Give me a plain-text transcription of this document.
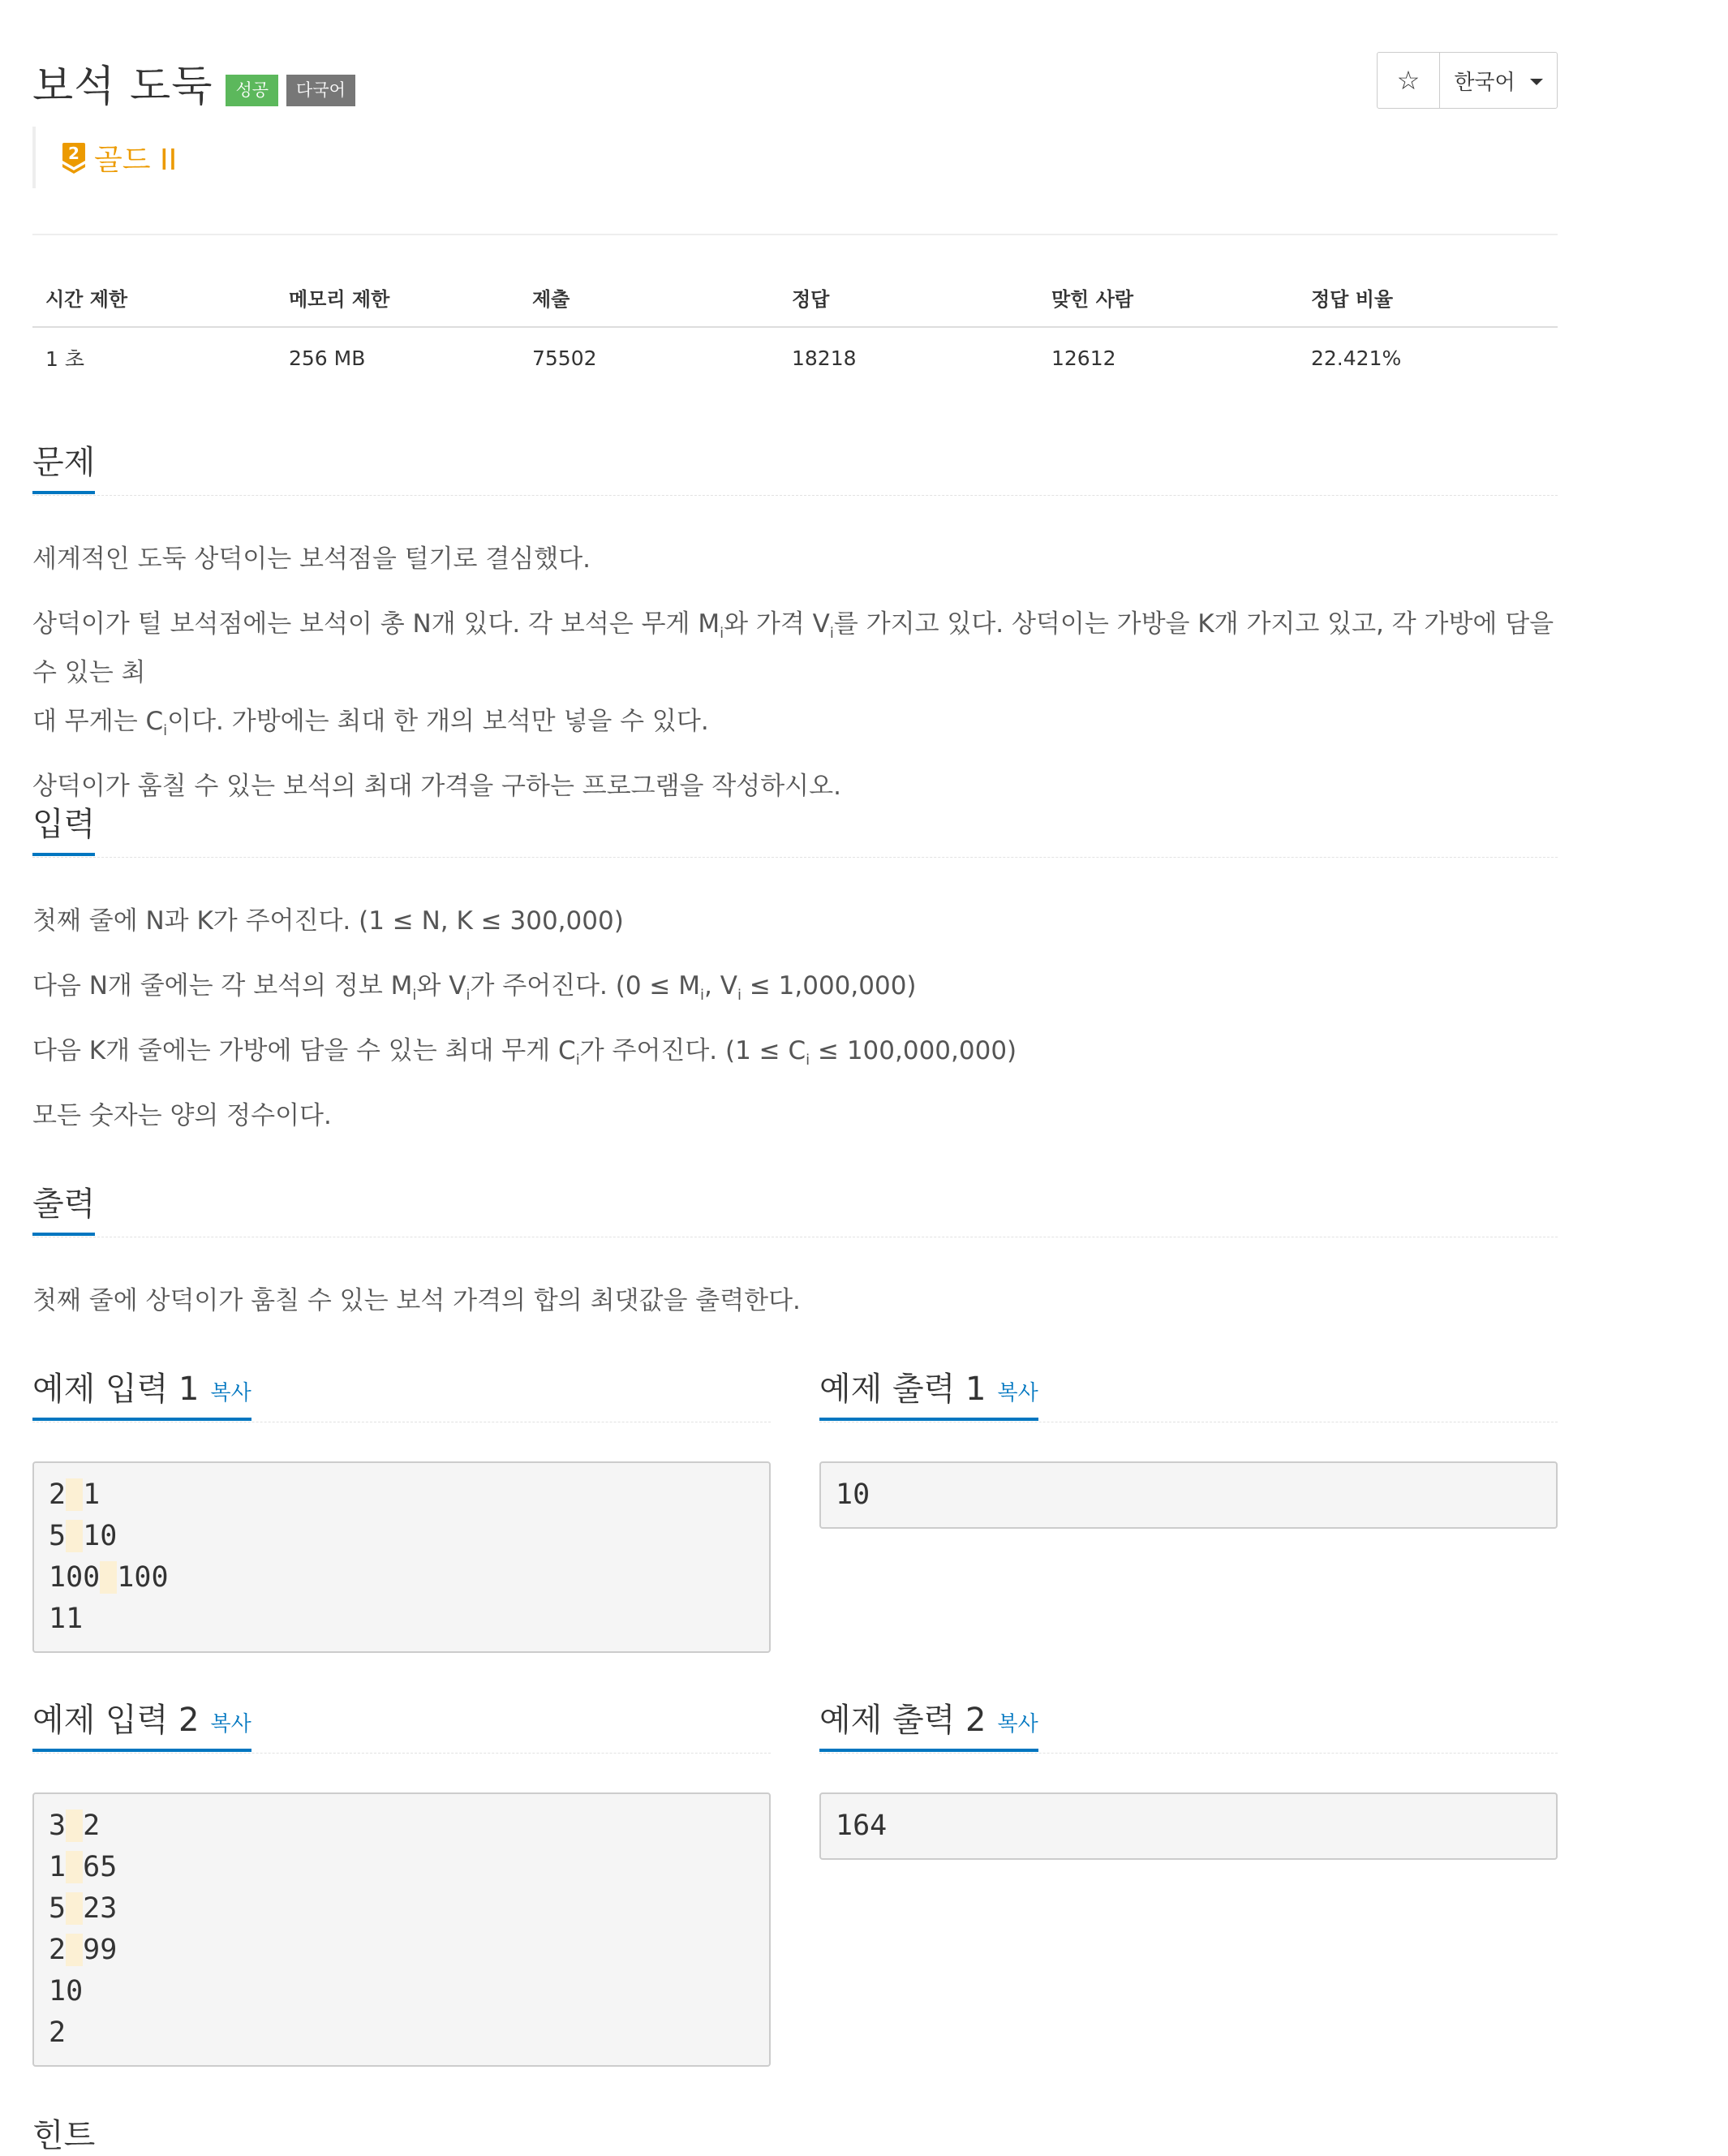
보석 도둑	성공	다국어
2 골드 II
☆ 한국어
시간 제한	메모리 제한	제출	정답	맞힌 사람	정답 비율
1 초	256 MB	75502	18218	12612	22.421%
문제

세계적인 도둑 상덕이는 보석점을 털기로 결심했다.

상덕이가 털 보석점에는 보석이 총 N개 있다. 각 보석은 무게 $M_i$와 가격 $V_i$를 가지고 있다. 상덕이는 가방을 K개 가지고 있고, 각 가방에 담을 수 있는 최
대 무게는 $C_i$이다. 가방에는 최대 한 개의 보석만 넣을 수 있다.

상덕이가 훔칠 수 있는 보석의 최대 가격을 구하는 프로그램을 작성하시오.

입력

첫째 줄에 N과 K가 주어진다. (1 ≤ N, K ≤ 300,000)

다음 N개 줄에는 각 보석의 정보 $M_i$와 $V_i$가 주어진다. ($0 \le M_i$, $V_i \le 1,000,000$)

다음 K개 줄에는 가방에 담을 수 있는 최대 무게 $C_i$가 주어진다. $(1 \le C_i \le 100,000,000)$

모든 숫자는 양의 정수이다.

출력

첫째 줄에 상덕이가 훔칠 수 있는 보석 가격의 합의 최댓값을 출력한다.

예제 입력 1 복사
2 1
5 10
100 100
11
예제 출력 1 복사
10
예제 입력 2 복사
3 2
1 65
5 23
2 99
10
2
예제 출력 2 복사
164
힌트
